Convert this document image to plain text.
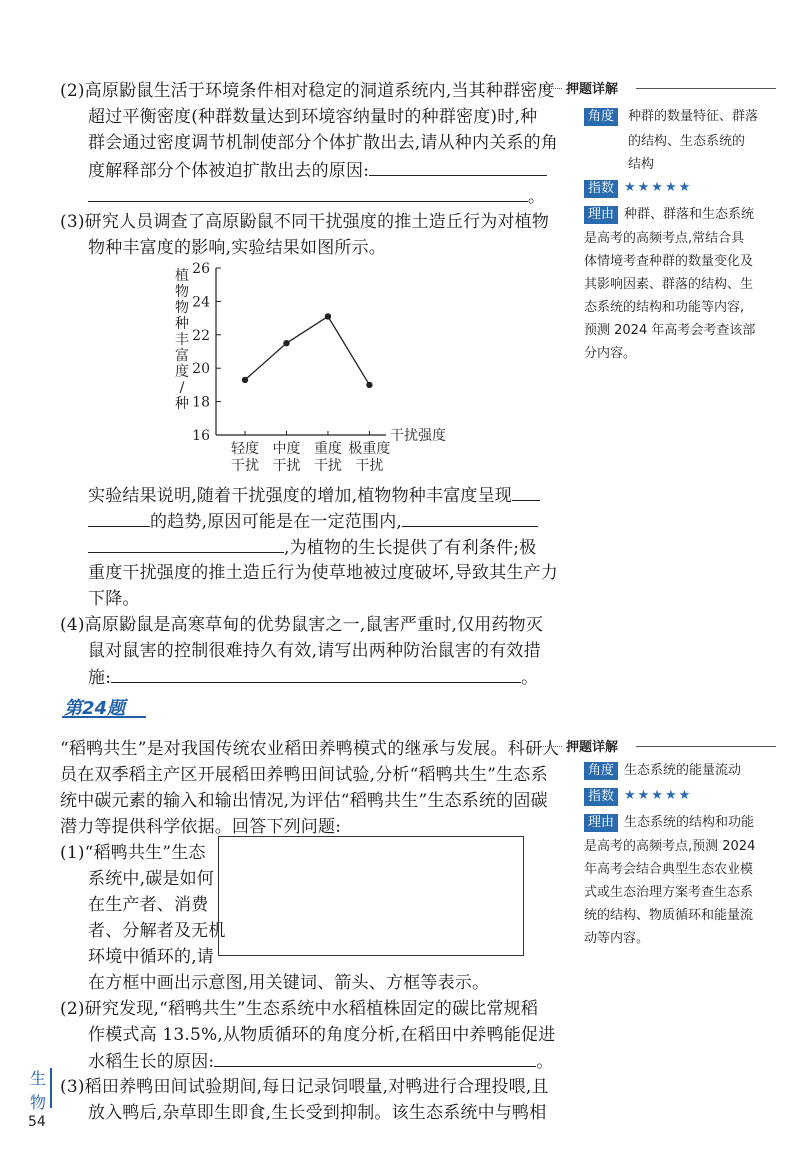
(2)高原鼢鼠生活于环境条件相对稳定的洞道系统内,当其种群密度
超过平衡密度(种群数量达到环境容纳量时的种群密度)时,种
群会通过密度调节机制使部分个体扩散出去,请从种内关系的角
度解释部分个体被迫扩散出去的原因:
。
(3)研究人员调查了高原鼢鼠不同干扰强度的推土造丘行为对植物
物种丰富度的影响,实验结果如图所示。
16
18
20
22
24
26
植
物
物
种
丰
富
度
/
种
轻度
干扰
中度
干扰
重度
干扰
极重度
干扰
干扰强度
实验结果说明,随着干扰强度的增加,植物物种丰富度呈现
的趋势,原因可能是在一定范围内,
,为植物的生长提供了有利条件;极
重度干扰强度的推土造丘行为使草地被过度破坏,导致其生产力
下降。
(4)高原鼢鼠是高寒草甸的优势鼠害之一,鼠害严重时,仅用药物灭
鼠对鼠害的控制很难持久有效,请写出两种防治鼠害的有效措
施:	。
押题详解
角度	种群的数量特征、群落
的结构、生态系统的
结构
指数 ★★★★★
理由 种群、群落和生态系统
是高考的高频考点,常结合具
体情境考查种群的数量变化及
其影响因素、群落的结构、生
态系统的结构和功能等内容,
预测 2024 年高考会考查该部
分内容。
第24题
“稻鸭共生”是对我国传统农业稻田养鸭模式的继承与发展。科研人
员在双季稻主产区开展稻田养鸭田间试验,分析“稻鸭共生”生态系
统中碳元素的输入和输出情况,为评估“稻鸭共生”生态系统的固碳
潜力等提供科学依据。回答下列问题:
(1)“稻鸭共生”生态
系统中,碳是如何
在生产者、消费
者、分解者及无机
环境中循环的,请
在方框中画出示意图,用关键词、箭头、方框等表示。
(2)研究发现,“稻鸭共生”生态系统中水稻植株固定的碳比常规稻
作模式高 13.5%,从物质循环的角度分析,在稻田中养鸭能促进
水稻生长的原因:	。
(3)稻田养鸭田间试验期间,每日记录饲喂量,对鸭进行合理投喂,且
放入鸭后,杂草即生即食,生长受到抑制。该生态系统中与鸭相
押题详解
角度 生态系统的能量流动
指数 ★★★★★
理由 生态系统的结构和功能
是高考的高频考点,预测 2024
年高考会结合典型生态农业模
式或生态治理方案考查生态系
统的结构、物质循环和能量流
动等内容。
生
物
54
